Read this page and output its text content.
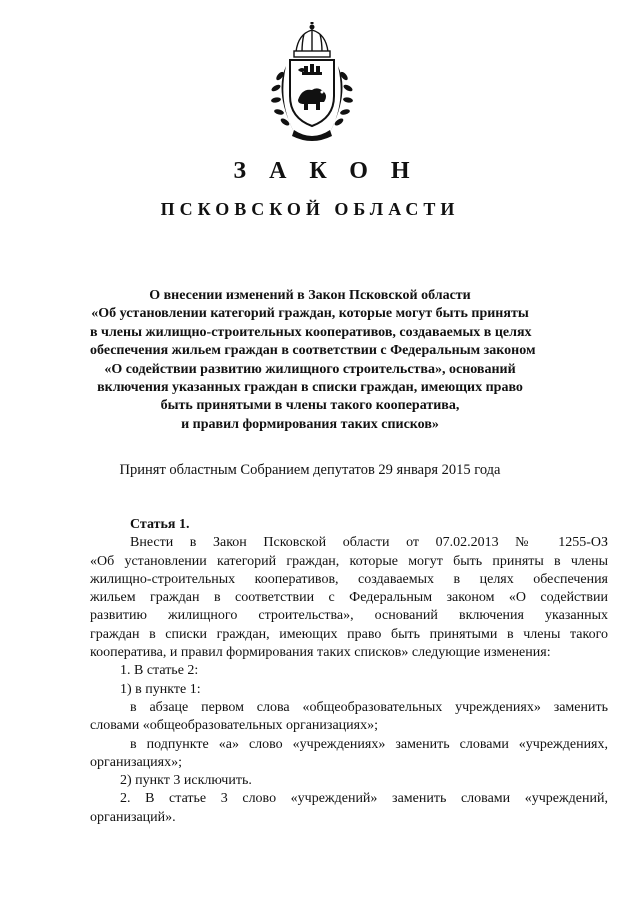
ЗАКОН
ПСКОВСКОЙ ОБЛАСТИ
О внесении изменений в Закон Псковской области
«Об установлении категорий граждан, которые могут быть приняты
в члены жилищно-строительных кооперативов, создаваемых в целях
обеспечения жильем граждан в соответствии с Федеральным законом
«О содействии развитию жилищного строительства», оснований
включения указанных граждан в списки граждан, имеющих право
быть принятыми в члены такого кооператива,
и правил формирования таких списков»
Принят областным Собранием депутатов 29 января 2015 года
Статья 1.
Внести в Закон Псковской области от 07.02.2013 № 1255-ОЗ
«Об установлении категорий граждан, которые могут быть приняты в члены
жилищно-строительных кооперативов, создаваемых в целях обеспечения
жильем граждан в соответствии с Федеральным законом «О содействии
развитию жилищного строительства», оснований включения указанных
граждан в списки граждан, имеющих право быть принятыми в члены такого
кооператива, и правил формирования таких списков» следующие изменения:
1. В статье 2:
1) в пункте 1:
в абзаце первом слова «общеобразовательных учреждениях» заменить
словами «общеобразовательных организациях»;
в подпункте «а» слово «учреждениях» заменить словами «учреждениях,
организациях»;
2) пункт 3 исключить.
2. В статье 3 слово «учреждений» заменить словами «учреждений,
организаций».
